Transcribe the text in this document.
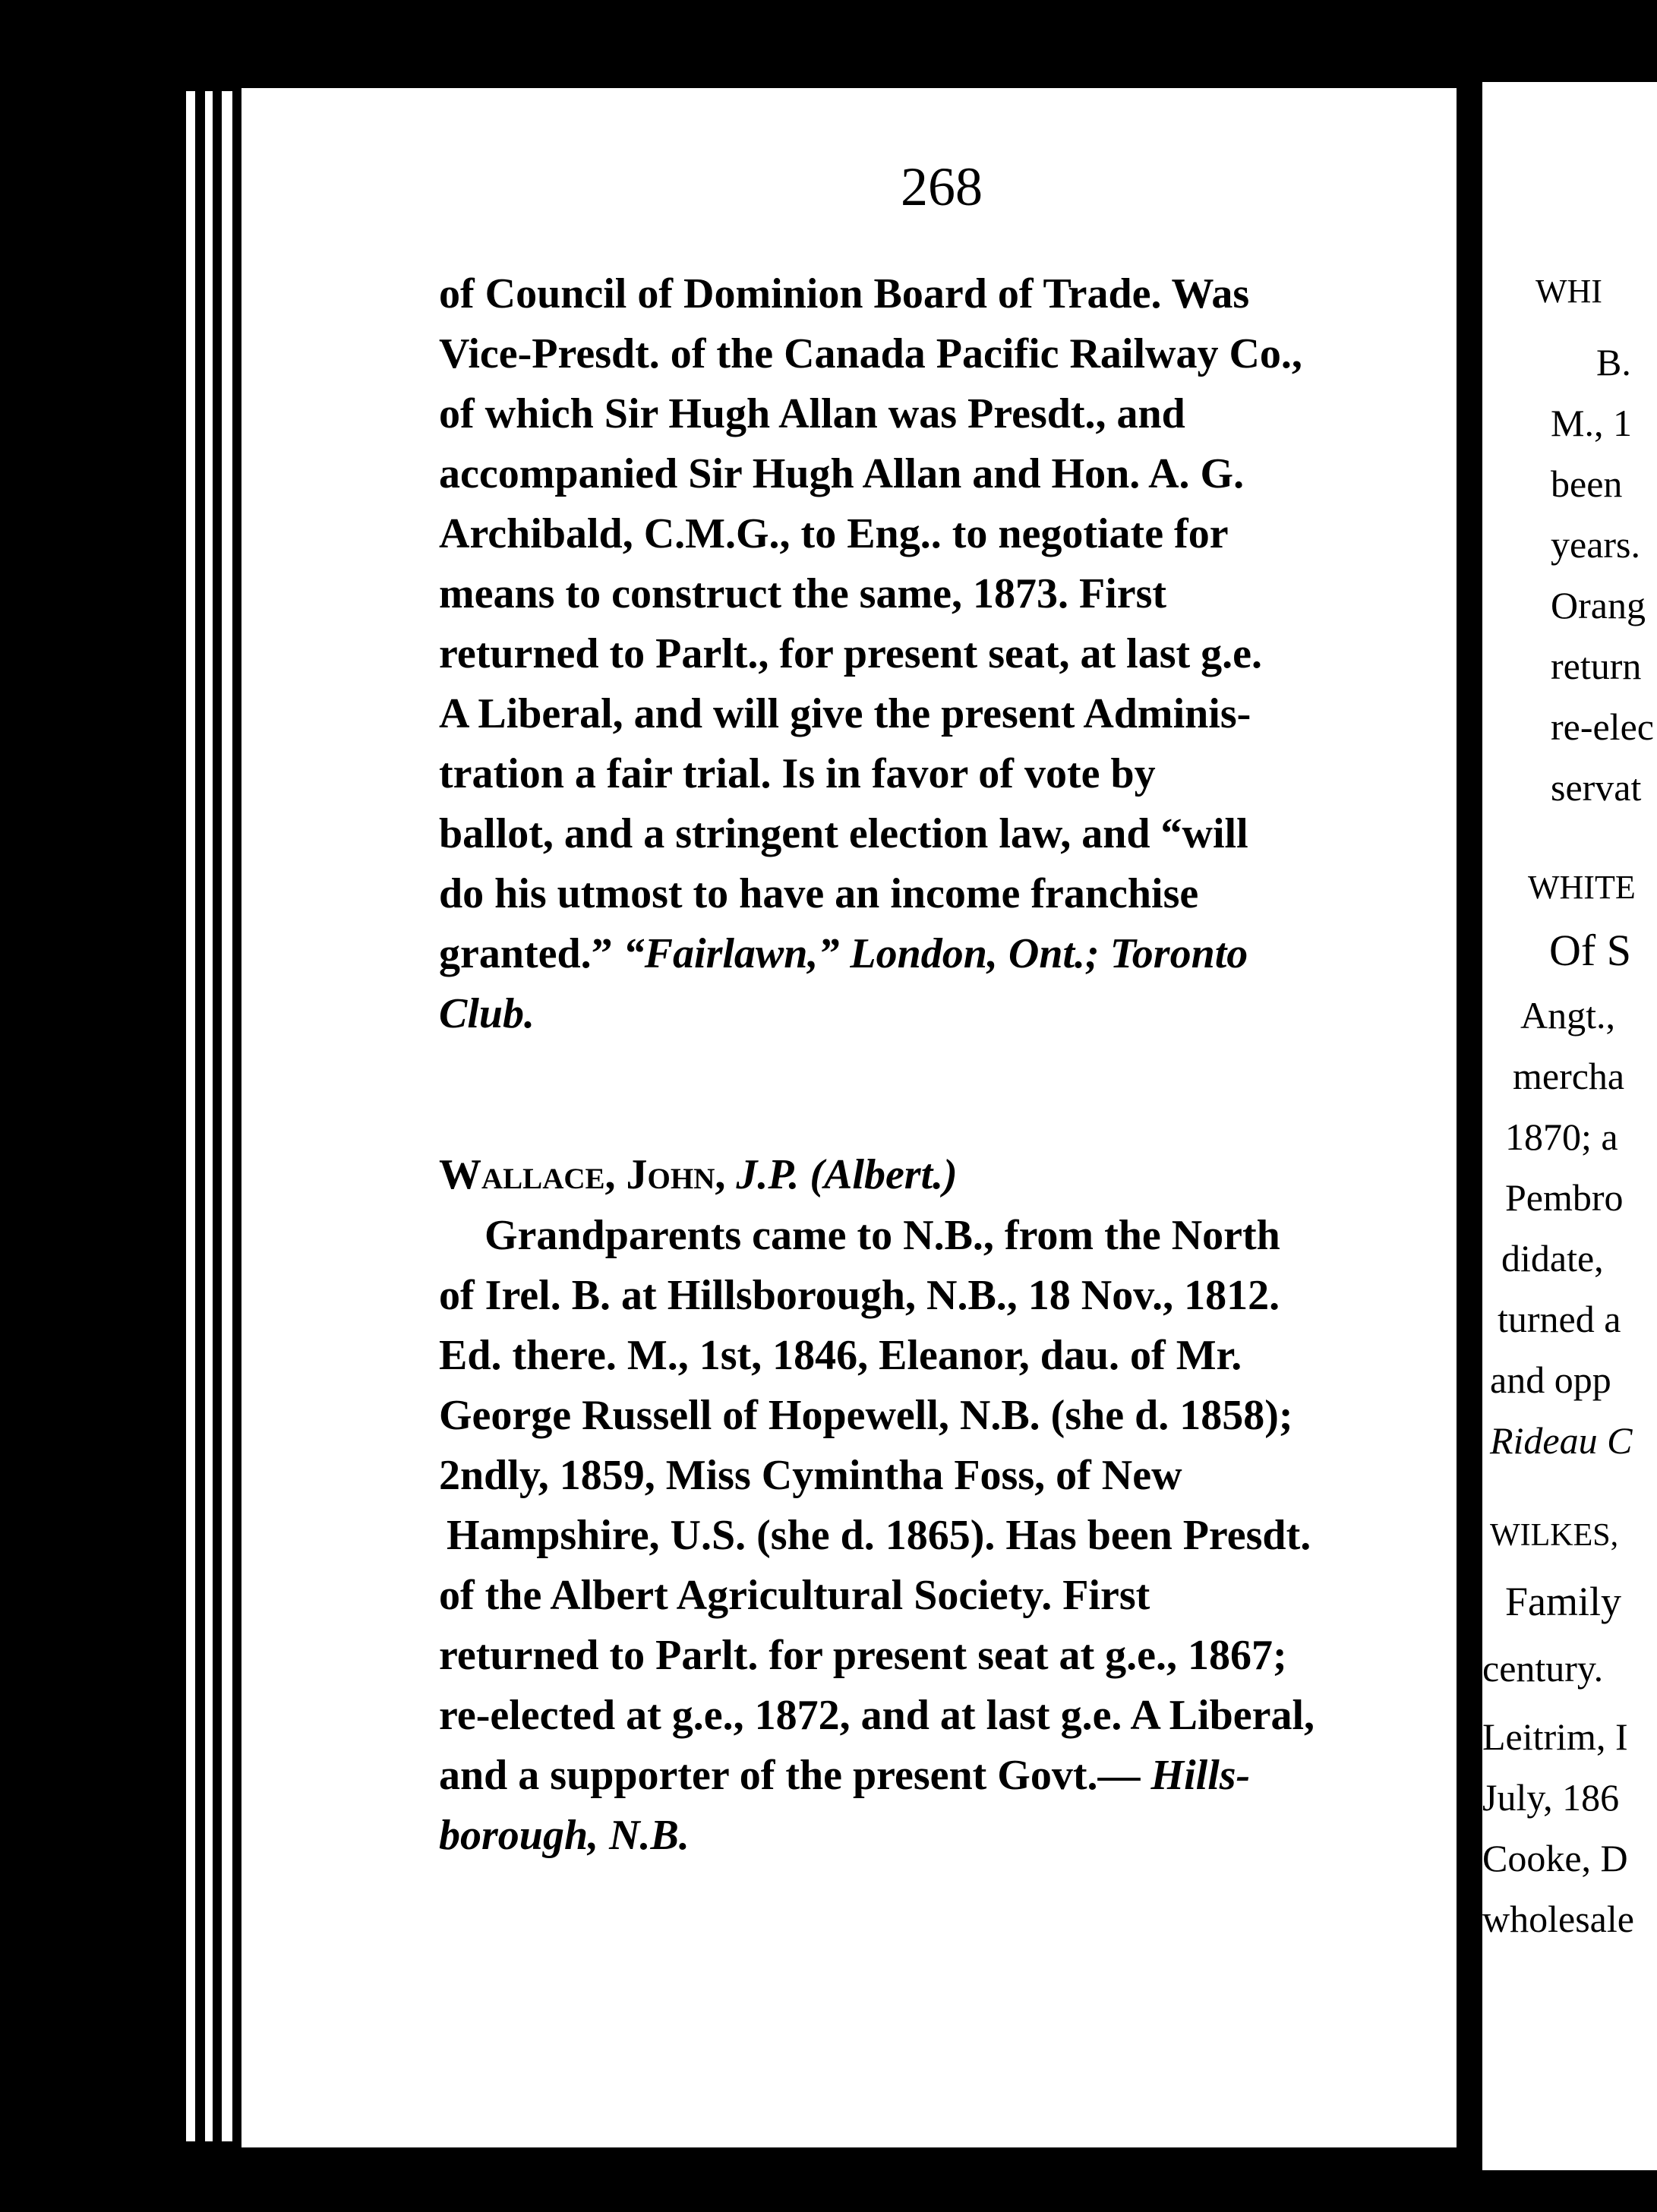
268
of Council of Dominion Board of Trade. Was
Vice-Presdt. of the Canada Pacific Railway Co.,
of which Sir Hugh Allan was Presdt., and
accompanied Sir Hugh Allan and Hon. A. G.
Archibald, C.M.G., to Eng.. to negotiate for
means to construct the same, 1873. First
returned to Parlt., for present seat, at last g.e.
A Liberal, and will give the present Adminis-
tration a fair trial. Is in favor of vote by
ballot, and a stringent election law, and “will
do his utmost to have an income franchise
granted.” “Fairlawn,” London, Ont.; Toronto
Club.
Wallace, John, J.P. (Albert.)
Grandparents came to N.B., from the North
of Irel. B. at Hillsborough, N.B., 18 Nov., 1812.
Ed. there. M., 1st, 1846, Eleanor, dau. of Mr.
George Russell of Hopewell, N.B. (she d. 1858);
2ndly, 1859, Miss Cymintha Foss, of New
Hampshire, U.S. (she d. 1865). Has been Presdt.
of the Albert Agricultural Society. First
returned to Parlt. for present seat at g.e., 1867;
re-elected at g.e., 1872, and at last g.e. A Liberal,
and a supporter of the present Govt.— Hills-
borough, N.B.
WHI
B.
M., 1
been
years.
Orang
return
re-elec
servat
WHITE
Of S
Angt.,
mercha
1870; a
Pembro
didate,
turned a
and opp
Rideau C
WILKES,
Family
century.
Leitrim, I
July, 186
Cooke, D
wholesale
